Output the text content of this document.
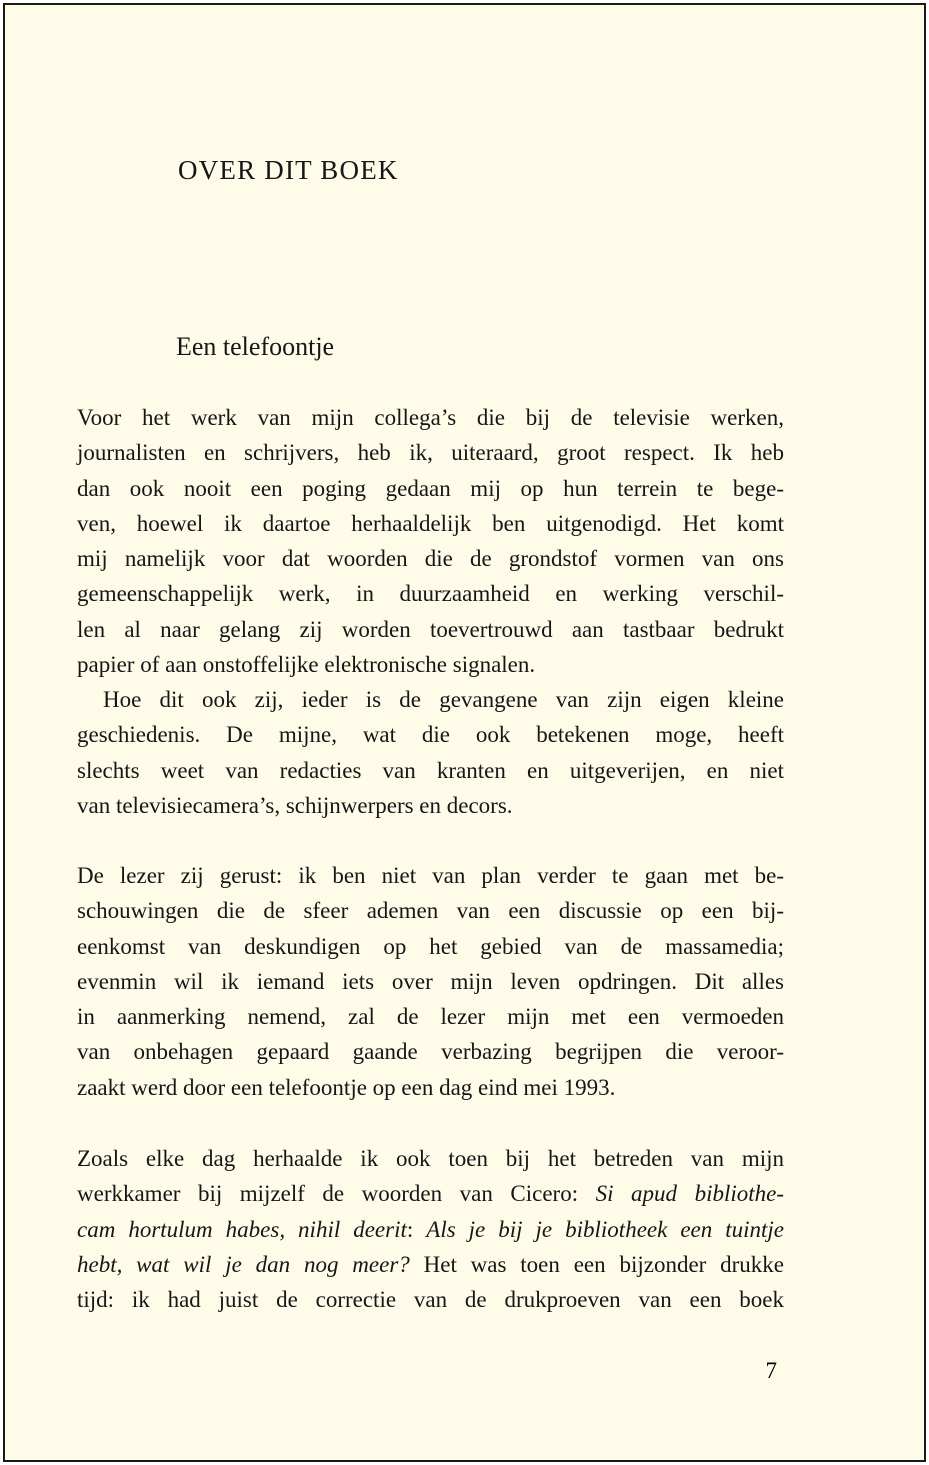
OVER DIT BOEK
Een telefoontje
Voor het werk van mijn collega’s die bij de televisie werken,
journalisten en schrijvers, heb ik, uiteraard, groot respect. Ik heb
dan ook nooit een poging gedaan mij op hun terrein te bege-
ven, hoewel ik daartoe herhaaldelijk ben uitgenodigd. Het komt
mij namelijk voor dat woorden die de grondstof vormen van ons
gemeenschappelijk werk, in duurzaamheid en werking verschil-
len al naar gelang zij worden toevertrouwd aan tastbaar bedrukt
papier of aan onstoffelijke elektronische signalen.
Hoe dit ook zij, ieder is de gevangene van zijn eigen kleine
geschiedenis. De mijne, wat die ook betekenen moge, heeft
slechts weet van redacties van kranten en uitgeverijen, en niet
van televisiecamera’s, schijnwerpers en decors.
De lezer zij gerust: ik ben niet van plan verder te gaan met be-
schouwingen die de sfeer ademen van een discussie op een bij-
eenkomst van deskundigen op het gebied van de massamedia;
evenmin wil ik iemand iets over mijn leven opdringen. Dit alles
in aanmerking nemend, zal de lezer mijn met een vermoeden
van onbehagen gepaard gaande verbazing begrijpen die veroor-
zaakt werd door een telefoontje op een dag eind mei 1993.
Zoals elke dag herhaalde ik ook toen bij het betreden van mijn
werkkamer bij mijzelf de woorden van Cicero: Si apud bibliothe-
cam hortulum habes, nihil deerit: Als je bij je bibliotheek een tuintje
hebt, wat wil je dan nog meer? Het was toen een bijzonder drukke
tijd: ik had juist de correctie van de drukproeven van een boek
7
